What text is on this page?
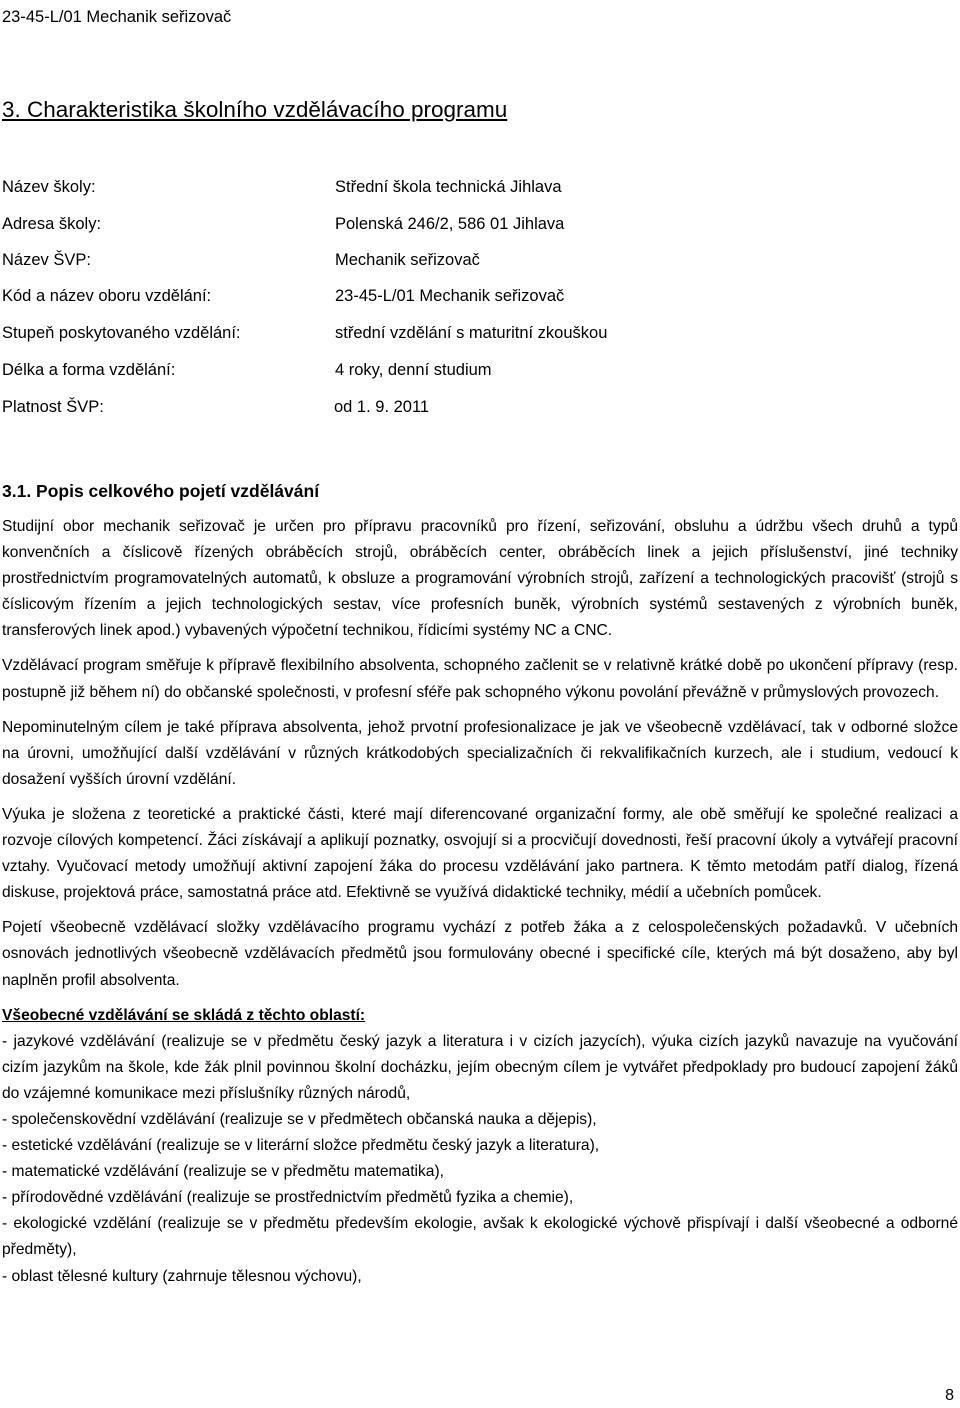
23-45-L/01 Mechanik seřizovač
3. Charakteristika školního vzdělávacího programu
Název školy:	Střední škola technická Jihlava
Adresa školy:	Polenská 246/2, 586 01 Jihlava
Název ŠVP:	Mechanik seřizovač
Kód a název oboru vzdělání:	23-45-L/01 Mechanik seřizovač
Stupeň poskytovaného vzdělání:	střední vzdělání s maturitní zkouškou
Délka a forma vzdělání:	4 roky, denní studium
Platnost ŠVP:	od 1. 9. 2011
3.1. Popis celkového pojetí vzdělávání

Studijní obor mechanik seřizovač je určen pro přípravu pracovníků pro řízení, seřizování, obsluhu a údržbu všech druhů a typů konvenčních a číslicově řízených obráběcích strojů, obráběcích center, obráběcích linek a jejich příslušenství, jiné techniky prostřednictvím programovatelných automatů, k obsluze a programování výrobních strojů, zařízení a technologických pracovišť (strojů s číslicovým řízením a jejich technologických sestav, více profesních buněk, výrobních systémů sestavených z výrobních buněk, transferových linek apod.) vybavených výpočetní technikou, řídicími systémy NC a CNC.

Vzdělávací program směřuje k přípravě flexibilního absolventa, schopného začlenit se v relativně krátké době po ukončení přípravy (resp. postupně již během ní) do občanské společnosti, v profesní sféře pak schopného výkonu povolání převážně v průmyslových provozech.

Nepominutelným cílem je také příprava absolventa, jehož prvotní profesionalizace je jak ve všeobecně vzdělávací, tak v odborné složce na úrovni, umožňující další vzdělávání v různých krátkodobých specializačních či rekvalifikačních kurzech, ale i studium, vedoucí k dosažení vyšších úrovní vzdělání.

Výuka je složena z teoretické a praktické části, které mají diferencované organizační formy, ale obě směřují ke společné realizaci a rozvoje cílových kompetencí. Žáci získávají a aplikují poznatky, osvojují si a procvičují dovednosti, řeší pracovní úkoly a vytvářejí pracovní vztahy. Vyučovací metody umožňují aktivní zapojení žáka do procesu vzdělávání jako partnera. K těmto metodám patří dialog, řízená diskuse, projektová práce, samostatná práce atd. Efektivně se využívá didaktické techniky, médií a učebních pomůcek.

Pojetí všeobecně vzdělávací složky vzdělávacího programu vychází z potřeb žáka a z celospolečenských požadavků. V učebních osnovách jednotlivých všeobecně vzdělávacích předmětů jsou formulovány obecné i specifické cíle, kterých má být dosaženo, aby byl naplněn profil absolventa.

Všeobecné vzdělávání se skládá z těchto oblastí:
- jazykové vzdělávání (realizuje se v předmětu český jazyk a literatura i v cizích jazycích), výuka cizích jazyků navazuje na vyučování cizím jazykům na škole, kde žák plnil povinnou školní docházku, jejím obecným cílem je vytvářet předpoklady pro budoucí zapojení žáků do vzájemné komunikace mezi příslušníky různých národů,
- společenskovědní vzdělávání (realizuje se v předmětech občanská nauka a dějepis),
- estetické vzdělávání (realizuje se v literární složce předmětu český jazyk a literatura),
- matematické vzdělávání (realizuje se v předmětu matematika),
- přírodovědné vzdělávání (realizuje se prostřednictvím předmětů fyzika a chemie),
- ekologické vzdělání (realizuje se v předmětu především ekologie, avšak k ekologické výchově přispívají i další všeobecné a odborné předměty),
- oblast tělesné kultury (zahrnuje tělesnou výchovu),
8
